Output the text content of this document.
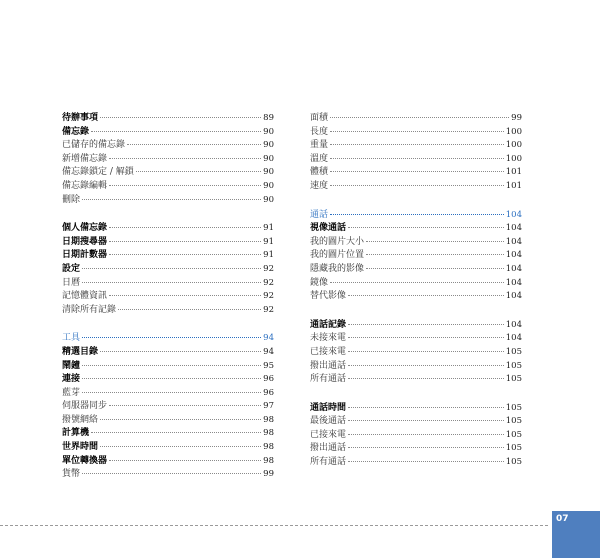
待辦事項	89
備忘錄	90
已儲存的備忘錄	90
新增備忘錄	90
備忘錄鎖定 / 解鎖	90
備忘錄編輯	90
刪除	90
個人備忘錄	91
日期搜尋器	91
日期計數器	91
設定	92
日曆	92
記憶體資訊	92
清除所有記錄	92
工具	94
精選目錄	94
鬧鐘	95
連接	96
藍芽	96
伺服器同步	97
撥號網絡	98
計算機	98
世界時間	98
單位轉換器	98
貨幣	99
面積	99
長度	100
重量	100
溫度	100
體積	101
速度	101
通話	104
視像通話	104
我的圖片大小	104
我的圖片位置	104
隱藏我的影像	104
鏡像	104
替代影像	104
通話記錄	104
未接來電	104
已接來電	105
撥出通話	105
所有通話	105
通話時間	105
最後通話	105
已接來電	105
撥出通話	105
所有通話	105
07
